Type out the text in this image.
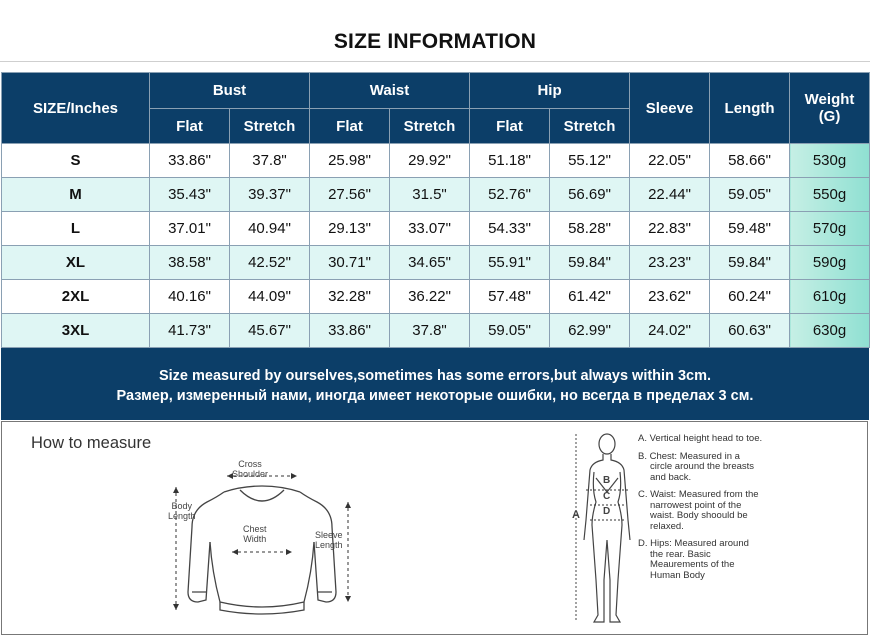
SIZE INFORMATION
SIZE/Inches	Bust		Waist		Hip		Sleeve	Length	Weight
(G)
	Flat	Stretch	Flat	Stretch	Flat	Stretch			
S	33.86"	37.8"	25.98"	29.92"	51.18"	55.12"	22.05"	58.66"	530g
M	35.43"	39.37"	27.56"	31.5"	52.76"	56.69"	22.44"	59.05"	550g
L	37.01"	40.94"	29.13"	33.07"	54.33"	58.28"	22.83"	59.48"	570g
XL	38.58"	42.52"	30.71"	34.65"	55.91"	59.84"	23.23"	59.84"	590g
2XL	40.16"	44.09"	32.28"	36.22"	57.48"	61.42"	23.62"	60.24"	610g
3XL	41.73"	45.67"	33.86"	37.8"	59.05"	62.99"	24.02"	60.63"	630g
Size measured by ourselves,sometimes has some errors,but always within 3cm.
Размер, измеренный нами, иногда имеет некоторые ошибки, но всегда в пределах 3 см.
How to measure
Cross
Shoulder
Body
Length
Chest
Width	Sleeve
Length
A
B
C
D
A. Vertical height head to toe.
B. Chest: Measured in a circle around the breasts and back.
C. Waist: Measured from the narrowest point of the waist. Body shoould be relaxed.
D. Hips: Measured around the rear. Basic Meaurements of the Human Body
